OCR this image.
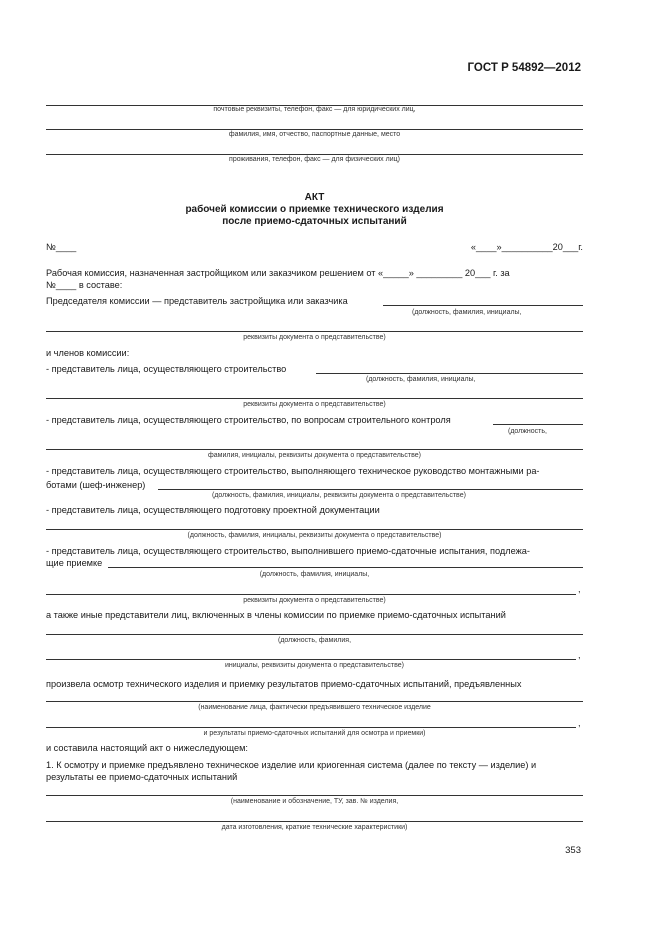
ГОСТ Р 54892—2012
почтовые реквизиты, телефон, факс — для юридических лиц,
фамилия, имя, отчество, паспортные данные, место
проживания, телефон, факс — для физических лиц)
АКТ
рабочей комиссии о приемке технического изделия
после приемо-сдаточных испытаний
№____	«____»__________20___г.
Рабочая комиссия, назначенная застройщиком или заказчиком решением от «_____» _________ 20___ г. за
№____ в составе:
Председателя комиссии — представитель застройщика или заказчика
(должность, фамилия, инициалы,
реквизиты документа о представительстве)
и членов комиссии:
- представитель лица, осуществляющего строительство
(должность, фамилия, инициалы,
реквизиты документа о представительстве)
- представитель лица, осуществляющего строительство, по вопросам строительного контроля
(должность,
фамилия, инициалы, реквизиты документа о представительстве)
- представитель лица, осуществляющего строительство, выполняющего техническое руководство монтажными ра-
ботами (шеф-инженер)
(должность, фамилия, инициалы, реквизиты документа о представительстве)
- представитель лица, осуществляющего подготовку проектной документации
(должность, фамилия, инициалы, реквизиты документа о представительстве)
- представитель лица, осуществляющего строительство, выполнившего приемо-сдаточные испытания, подлежа-
щие приемке
(должность, фамилия, инициалы,
,
реквизиты документа о представительстве)
а также иные представители лиц, включенных в члены комиссии по приемке приемо-сдаточных испытаний
(должность, фамилия,
,
инициалы, реквизиты документа о представительстве)
произвела осмотр технического изделия и приемку результатов приемо-сдаточных испытаний, предъявленных
(наименование лица, фактически предъявившего техническое изделие
,
и результаты приемо-сдаточных испытаний для осмотра и приемки)
и составила настоящий акт о нижеследующем:
1. К осмотру и приемке предъявлено техническое изделие или криогенная система (далее по тексту — изделие) и
результаты ее приемо-сдаточных испытаний
(наименование и обозначение, ТУ, зав. № изделия,
дата изготовления, краткие технические характеристики)
353
